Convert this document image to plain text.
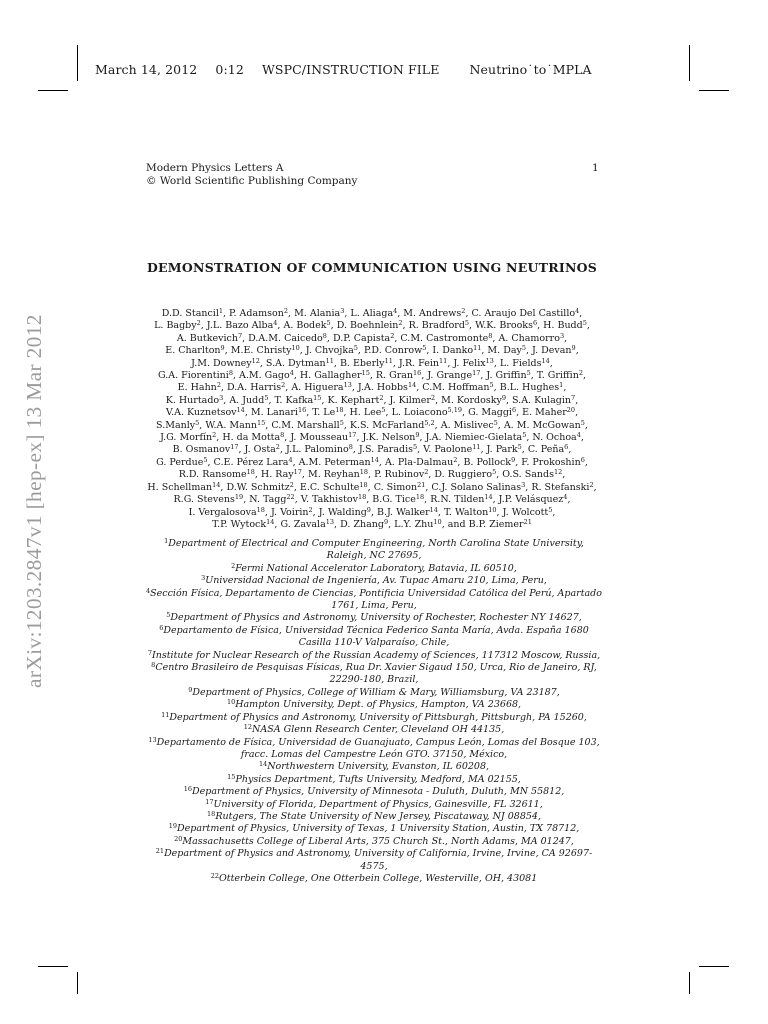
March 14, 2012 0:12 WSPC/INSTRUCTION FILE Neutrino˙to˙MPLA
Modern Physics Letters A
© World Scientific Publishing Company
1
arXiv:1203.2847v1 [hep-ex] 13 Mar 2012
DEMONSTRATION OF COMMUNICATION USING NEUTRINOS
D.D. Stancil$^1$, P. Adamson$^2$, M. Alania$^3$, L. Aliaga$^4$, M. Andrews$^2$, C. Araujo Del Castillo$^4$,
L. Bagby$^2$, J.L. Bazo Alba$^4$, A. Bodek$^5$, D. Boehnlein$^2$, R. Bradford$^5$, W.K. Brooks$^6$, H. Budd$^5$,
A. Butkevich$^7$, D.A.M. Caicedo$^8$, D.P. Capista$^2$, C.M. Castromonte$^8$, A. Chamorro$^3$,
E. Charlton$^9$, M.E. Christy$^{10}$, J. Chvojka$^5$, P.D. Conrow$^5$, I. Danko$^{11}$, M. Day$^5$, J. Devan$^9$,
J.M. Downey$^{12}$, S.A. Dytman$^{11}$, B. Eberly$^{11}$, J.R. Fein$^{11}$, J. Felix$^{13}$, L. Fields$^{14}$,
G.A. Fiorentini$^8$, A.M. Gago$^4$, H. Gallagher$^{15}$, R. Gran$^{16}$, J. Grange$^{17}$, J. Griffin$^5$, T. Griffin$^2$,
E. Hahn$^2$, D.A. Harris$^2$, A. Higuera$^{13}$, J.A. Hobbs$^{14}$, C.M. Hoffman$^5$, B.L. Hughes$^1$,
K. Hurtado$^3$, A. Judd$^5$, T. Kafka$^{15}$, K. Kephart$^2$, J. Kilmer$^2$, M. Kordosky$^9$, S.A. Kulagin$^7$,
V.A. Kuznetsov$^{14}$, M. Lanari$^{16}$, T. Le$^{18}$, H. Lee$^5$, L. Loiacono$^{5,19}$, G. Maggi$^6$, E. Maher$^{20}$,
S.Manly$^5$, W.A. Mann$^{15}$, C.M. Marshall$^5$, K.S. McFarland$^{5,2}$, A. Mislivec$^5$, A. M. McGowan$^5$,
J.G. Morfín$^2$, H. da Motta$^8$, J. Mousseau$^{17}$, J.K. Nelson$^9$, J.A. Niemiec-Gielata$^5$, N. Ochoa$^4$,
B. Osmanov$^{17}$, J. Osta$^2$, J.L. Palomino$^8$, J.S. Paradis$^5$, V. Paolone$^{11}$, J. Park$^5$, C. Peña$^6$,
G. Perdue$^5$, C.E. Pérez Lara$^4$, A.M. Peterman$^{14}$, A. Pla-Dalmau$^2$, B. Pollock$^9$, F. Prokoshin$^6$,
R.D. Ransome$^{18}$, H. Ray$^{17}$, M. Reyhan$^{18}$, P. Rubinov$^2$, D. Ruggiero$^5$, O.S. Sands$^{12}$,
H. Schellman$^{14}$, D.W. Schmitz$^2$, E.C. Schulte$^{18}$, C. Simon$^{21}$, C.J. Solano Salinas$^3$, R. Stefanski$^2$,
R.G. Stevens$^{19}$, N. Tagg$^{22}$, V. Takhistov$^{18}$, B.G. Tice$^{18}$, R.N. Tilden$^{14}$, J.P. Velásquez$^4$,
I. Vergalosova$^{18}$, J. Voirin$^2$, J. Walding$^9$, B.J. Walker$^{14}$, T. Walton$^{10}$, J. Wolcott$^5$,
T.P. Wytock$^{14}$, G. Zavala$^{13}$, D. Zhang$^9$, L.Y. Zhu$^{10}$, and B.P. Ziemer$^{21}$
$^1$Department of Electrical and Computer Engineering, North Carolina State University, Raleigh, NC 27695,
$^2$Fermi National Accelerator Laboratory, Batavia, IL 60510,
$^3$Universidad Nacional de Ingeniería, Av. Tupac Amaru 210, Lima, Peru,
$^4$Sección Física, Departamento de Ciencias, Pontificia Universidad Católica del Perú, Apartado 1761, Lima, Peru,
$^5$Department of Physics and Astronomy, University of Rochester, Rochester NY 14627,
$^6$Departamento de Física, Universidad Técnica Federico Santa María, Avda. España 1680 Casilla 110-V Valparaíso, Chile,
$^7$Institute for Nuclear Research of the Russian Academy of Sciences, 117312 Moscow, Russia,
$^8$Centro Brasileiro de Pesquisas Físicas, Rua Dr. Xavier Sigaud 150, Urca, Rio de Janeiro, RJ, 22290-180, Brazil,
$^9$Department of Physics, College of William & Mary, Williamsburg, VA 23187,
$^{10}$Hampton University, Dept. of Physics, Hampton, VA 23668,
$^{11}$Department of Physics and Astronomy, University of Pittsburgh, Pittsburgh, PA 15260,
$^{12}$NASA Glenn Research Center, Cleveland OH 44135,
$^{13}$Departamento de Física, Universidad de Guanajuato, Campus León, Lomas del Bosque 103, fracc. Lomas del Campestre León GTO. 37150, México,
$^{14}$Northwestern University, Evanston, IL 60208,
$^{15}$Physics Department, Tufts University, Medford, MA 02155,
$^{16}$Department of Physics, University of Minnesota - Duluth, Duluth, MN 55812,
$^{17}$University of Florida, Department of Physics, Gainesville, FL 32611,
$^{18}$Rutgers, The State University of New Jersey, Piscataway, NJ 08854,
$^{19}$Department of Physics, University of Texas, 1 University Station, Austin, TX 78712,
$^{20}$Massachusetts College of Liberal Arts, 375 Church St., North Adams, MA 01247,
$^{21}$Department of Physics and Astronomy, University of California, Irvine, Irvine, CA 92697-4575,
$^{22}$Otterbein College, One Otterbein College, Westerville, OH, 43081
